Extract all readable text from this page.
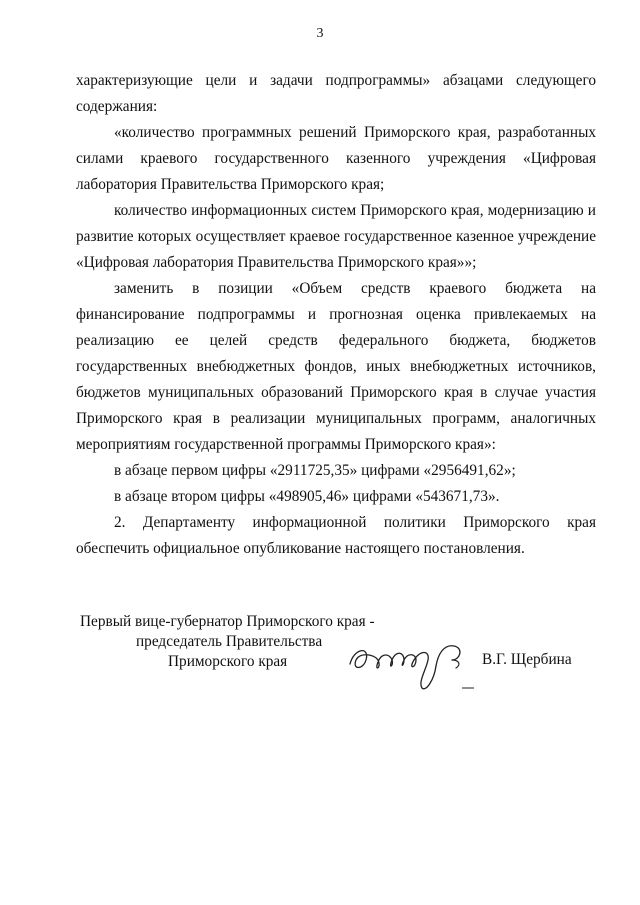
3

характеризующие цели и задачи подпрограммы» абзацами следующего содержания:

«количество программных решений Приморского края, разработанных силами краевого государственного казенного учреждения «Цифровая лаборатория Правительства Приморского края;

количество информационных систем Приморского края, модернизацию и развитие которых осуществляет краевое государственное казенное учреждение «Цифровая лаборатория Правительства Приморского края»»;

заменить в позиции «Объем средств краевого бюджета на финансирование подпрограммы и прогнозная оценка привлекаемых на реализацию ее целей средств федерального бюджета, бюджетов государственных внебюджетных фондов, иных внебюджетных источников, бюджетов муниципальных образований Приморского края в случае участия Приморского края в реализации муниципальных программ, аналогичных мероприятиям государственной программы Приморского края»:

в абзаце первом цифры «2911725,35» цифрами «2956491,62»;

в абзаце втором цифры «498905,46» цифрами «543671,73».

2. Департаменту информационной политики Приморского края обеспечить официальное опубликование настоящего постановления.

Первый вице-губернатор Приморского края -
председатель Правительства
Приморского края	В.Г. Щербина
